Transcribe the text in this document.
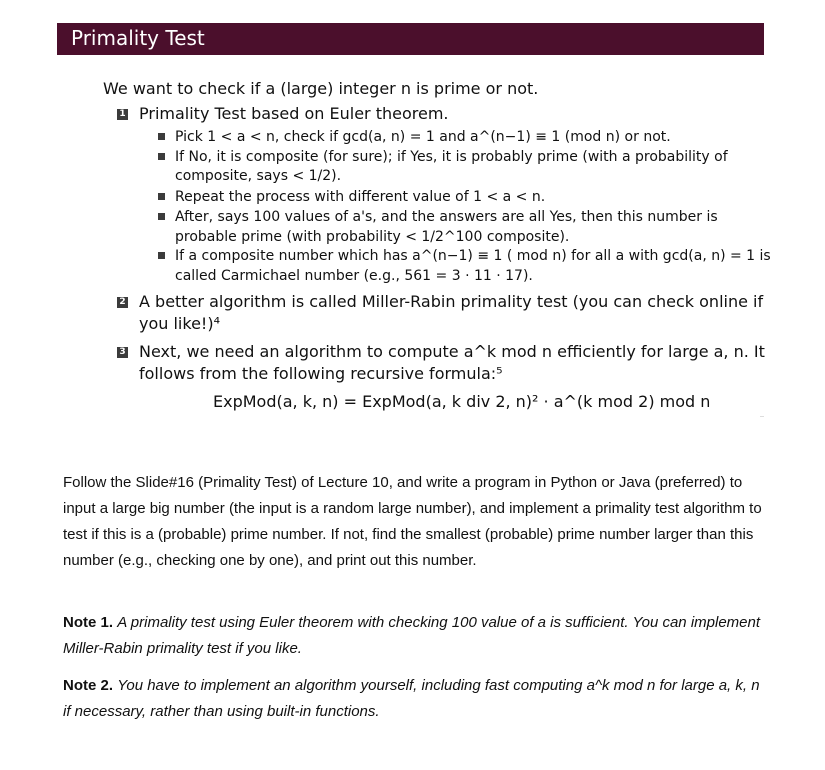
Primality Test
We want to check if a (large) integer n is prime or not.
1 Primality Test based on Euler theorem.
Pick 1 < a < n, check if gcd(a, n) = 1 and a^(n−1) ≡ 1 (mod n) or not.
If No, it is composite (for sure); if Yes, it is probably prime (with a probability of
composite, says < 1/2).
Repeat the process with different value of 1 < a < n.
After, says 100 values of a's, and the answers are all Yes, then this number is
probable prime (with probability < 1/2^100 composite).
If a composite number which has a^(n−1) ≡ 1 ( mod n) for all a with gcd(a, n) = 1 is
called Carmichael number (e.g., 561 = 3 · 11 · 17).
2 A better algorithm is called Miller-Rabin primality test (you can check online if
you like!)⁴
3 Next, we need an algorithm to compute a^k mod n efficiently for large a, n. It
follows from the following recursive formula:⁵
ExpMod(a, k, n) = ExpMod(a, k div 2, n)² · a^(k mod 2) mod n
Follow the Slide#16 (Primality Test) of Lecture 10, and write a program in Python or Java (preferred) to input a large big number (the input is a random large number), and implement a primality test algorithm to test if this is a (probable) prime number. If not, find the smallest (probable) prime number larger than this number (e.g., checking one by one), and print out this number.
Note 1. A primality test using Euler theorem with checking 100 value of a is sufficient. You can implement Miller-Rabin primality test if you like.
Note 2. You have to implement an algorithm yourself, including fast computing a^k mod n for large a, k, n if necessary, rather than using built-in functions.
